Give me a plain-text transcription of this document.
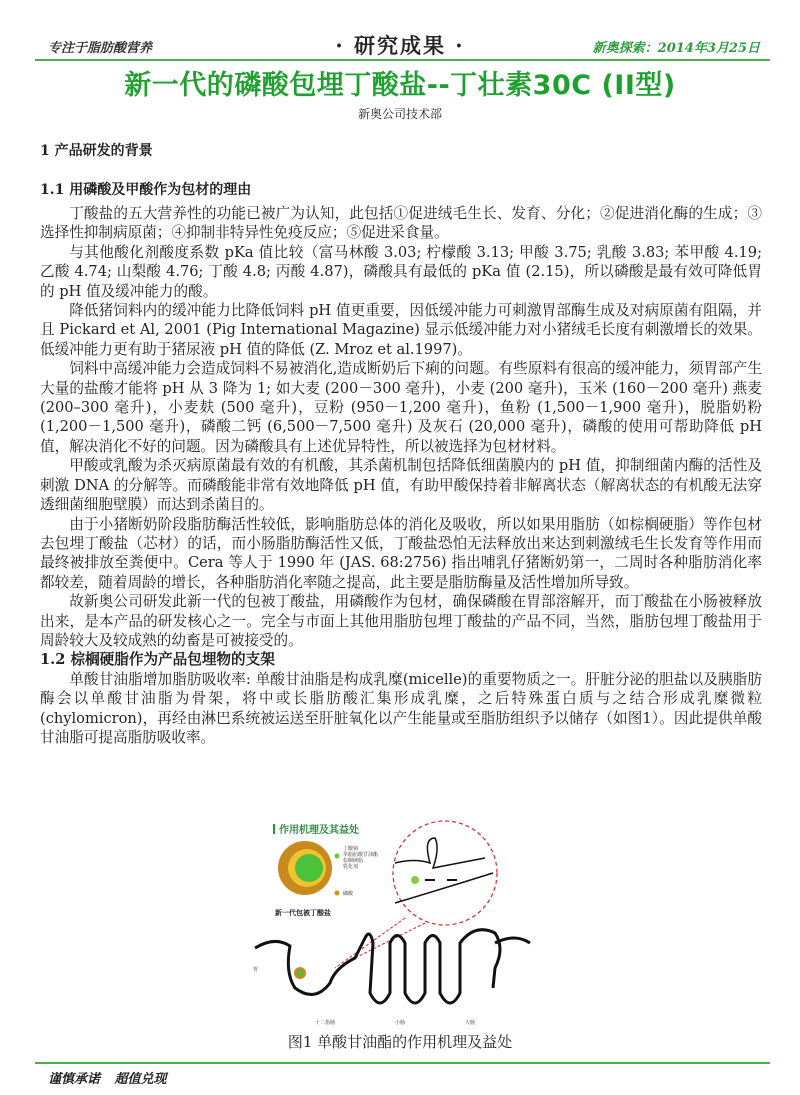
专注于脂肪酸营养	· 研究成果 ·	新奥探索：2014年3月25日
新一代的磷酸包埋丁酸盐--丁壮素30C (II型)
新奥公司技术部
1 产品研发的背景
1.1 用磷酸及甲酸作为包材的理由

丁酸盐的五大营养性的功能已被广为认知，此包括①促进绒毛生长、发育、分化；②促进消化酶的生成；③选择性抑制病原菌；④抑制非特异性免疫反应；⑤促进采食量。

与其他酸化剂酸度系数 pKa 值比较（富马林酸 3.03; 柠檬酸 3.13; 甲酸 3.75; 乳酸 3.83; 苯甲酸 4.19; 乙酸 4.74; 山梨酸 4.76; 丁酸 4.8; 丙酸 4.87)，磷酸具有最低的 pKa 值 (2.15)，所以磷酸是最有效可降低胃的 pH 值及缓冲能力的酸。

降低猪饲料内的缓冲能力比降低饲料 pH 值更重要，因低缓冲能力可刺激胃部酶生成及对病原菌有阻隔，并且 Pickard et Al, 2001 (Pig International Magazine) 显示低缓冲能力对小猪绒毛长度有刺激增长的效果。低缓冲能力更有助于猪尿液 pH 值的降低 (Z. Mroz et al.1997)。

饲料中高缓冲能力会造成饲料不易被消化,造成断奶后下痢的问题。有些原料有很高的缓冲能力，须胃部产生大量的盐酸才能将 pH 从 3 降为 1; 如大麦 (200－300 毫升)，小麦 (200 毫升)，玉米 (160－200 毫升) 燕麦 (200–300 毫升)，小麦麸 (500 毫升)，豆粉 (950－1,200 毫升)，鱼粉 (1,500－1,900 毫升)，脱脂奶粉 (1,200－1,500 毫升)，磷酸二钙 (6,500－7,500 毫升) 及灰石 (20,000 毫升)，磷酸的使用可帮助降低 pH 值，解决消化不好的问题。因为磷酸具有上述优异特性，所以被选择为包材材料。

甲酸或乳酸为杀灭病原菌最有效的有机酸，其杀菌机制包括降低细菌膜内的 pH 值，抑制细菌内酶的活性及刺激 DNA 的分解等。而磷酸能非常有效地降低 pH 值，有助甲酸保持着非解离状态（解离状态的有机酸无法穿透细菌细胞壁膜）而达到杀菌目的。

由于小猪断奶阶段脂肪酶活性较低，影响脂肪总体的消化及吸收，所以如果用脂肪（如棕榈硬脂）等作包材去包埋丁酸盐（芯材）的话，而小肠脂肪酶活性又低，丁酸盐恐怕无法释放出来达到刺激绒毛生长发育等作用而最终被排放至粪便中。Cera 等人于 1990 年 (JAS. 68:2756) 指出哺乳仔猪断奶第一，二周时各种脂肪消化率都较差，随着周龄的增长，各种脂肪消化率随之提高，此主要是脂肪酶量及活性增加所导致。

故新奥公司研发此新一代的包被丁酸盐，用磷酸作为包材，确保磷酸在胃部溶解开，而丁酸盐在小肠被释放出来，是本产品的研发核心之一。完全与市面上其他用脂肪包埋丁酸盐的产品不同，当然，脂肪包埋丁酸盐用于周龄较大及较成熟的幼畜是可被接受的。

1.2 棕榈硬脂作为产品包埋物的支架

单酸甘油脂增加脂肪吸收率: 单酸甘油脂是构成乳糜(micelle)的重要物质之一。肝脏分泌的胆盐以及胰脂肪酶会以单酸甘油脂为骨架，将中或长脂肪酸汇集形成乳糜，之后特殊蛋白质与之结合形成乳糜微粒(chylomicron)，再经由淋巴系统被运送至肝脏氧化以产生能量或至脂肪组织予以储存（如图1）。因此提供单酸甘油脂可提高脂肪吸收率。

作用机理及其益处
丁酸钠
单脂肪酸甘油酯
棕榈硬脂
乳化剂
磷酸
新一代包被丁酸盐
胃
十二指肠	小肠	大肠
图1 单酸甘油酯的作用机理及益处
谨慎承诺 超值兑现
